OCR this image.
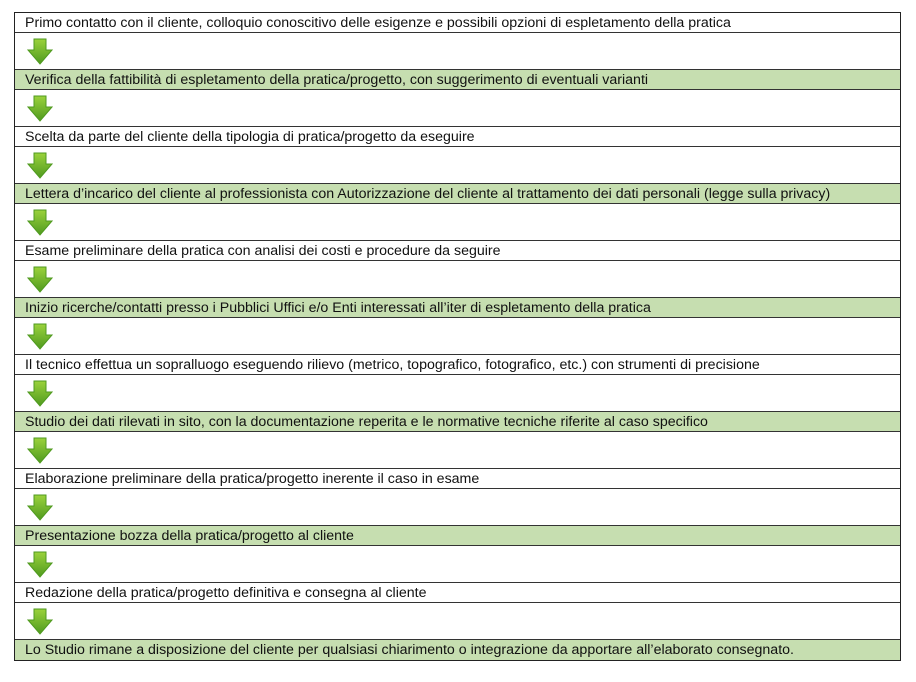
Primo contatto con il cliente, colloquio conoscitivo delle esigenze e possibili opzioni di espletamento della pratica
Verifica della fattibilità di espletamento della pratica/progetto, con suggerimento di eventuali varianti
Scelta da parte del cliente della tipologia di pratica/progetto da eseguire
Lettera d’incarico del cliente al professionista con Autorizzazione del cliente al trattamento dei dati personali (legge sulla privacy)
Esame preliminare della pratica con analisi dei costi e procedure da seguire
Inizio ricerche/contatti presso i Pubblici Uffici e/o Enti interessati all’iter di espletamento della pratica
Il tecnico effettua un sopralluogo eseguendo rilievo (metrico, topografico, fotografico, etc.) con strumenti di precisione
Studio dei dati rilevati in sito, con la documentazione reperita e le normative tecniche riferite al caso specifico
Elaborazione preliminare della pratica/progetto inerente il caso in esame
Presentazione bozza della pratica/progetto al cliente
Redazione della pratica/progetto definitiva e consegna al cliente
Lo Studio rimane a disposizione del cliente per qualsiasi chiarimento o integrazione da apportare all’elaborato consegnato.
